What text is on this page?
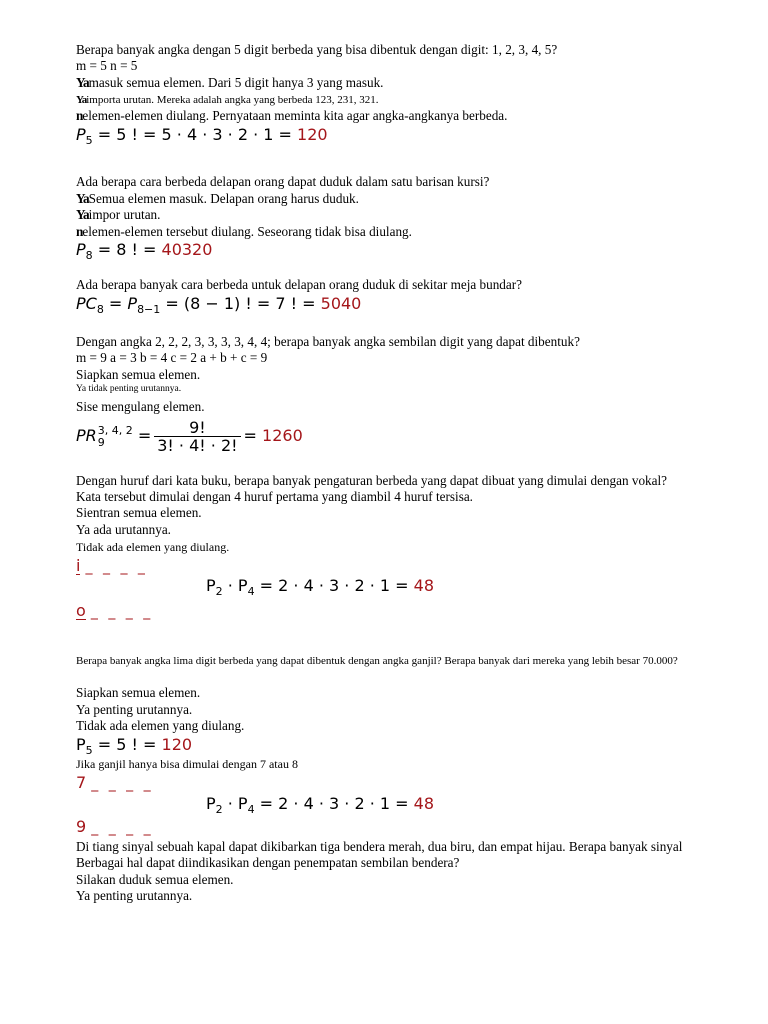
Berapa banyak angka dengan 5 digit berbeda yang bisa dibentuk dengan digit: 1, 2, 3, 4, 5?
m = 5 n = 5
Yamasuk semua elemen. Dari 5 digit hanya 3 yang masuk.
Yaimporta urutan. Mereka adalah angka yang berbeda 123, 231, 321.
nelemen-elemen diulang. Pernyataan meminta kita agar angka-angkanya berbeda.
$P_5 = 5$ ! = 5 · 4 · 3 · 2 · 1 = 120
Ada berapa cara berbeda delapan orang dapat duduk dalam satu barisan kursi?
YaSemua elemen masuk. Delapan orang harus duduk.
Yaimpor urutan.
nelemen-elemen tersebut diulang. Seseorang tidak bisa diulang.
$P_8 = 8$ ! = 40320
Ada berapa banyak cara berbeda untuk delapan orang duduk di sekitar meja bundar?
$PC_8 = P_{8-1} = (8 - 1)$ ! = 7 ! = 5040
Dengan angka 2, 2, 2, 3, 3, 3, 3, 4, 4; berapa banyak angka sembilan digit yang dapat dibentuk?
m = 9 a = 3 b = 4 c = 2 a + b + c = 9
Siapkan semua elemen.
Ya tidak penting urutannya.
Sise mengulang elemen.
PR 3, 4, 2
9	= $\frac{9!}{3! \cdot 4! \cdot 2!} = 1260$
Dengan huruf dari kata buku, berapa banyak pengaturan berbeda yang dapat dibuat yang dimulai dengan vokal?
Kata tersebut dimulai dengan 4 huruf pertama yang diambil 4 huruf tersisa.
Sientran semua elemen.
Ya ada urutannya.
Tidak ada elemen yang diulang.
i _ _ _ _
$P_2 \cdot P_4 = 2 \cdot 4 \cdot 3 \cdot 2 \cdot 1 = 48$
o _ _ _ _
Berapa banyak angka lima digit berbeda yang dapat dibentuk dengan angka ganjil? Berapa banyak dari mereka yang lebih besar 70.000?
Siapkan semua elemen.
Ya penting urutannya.
Tidak ada elemen yang diulang.
$P_5 = 5$ ! = 120
Jika ganjil hanya bisa dimulai dengan 7 atau 8
7 _ _ _ _
$P_2 \cdot P_4 = 2 \cdot 4 \cdot 3 \cdot 2 \cdot 1 = 48$
9 _ _ _ _
Di tiang sinyal sebuah kapal dapat dikibarkan tiga bendera merah, dua biru, dan empat hijau. Berapa banyak sinyal
Berbagai hal dapat diindikasikan dengan penempatan sembilan bendera?
Silakan duduk semua elemen.
Ya penting urutannya.
